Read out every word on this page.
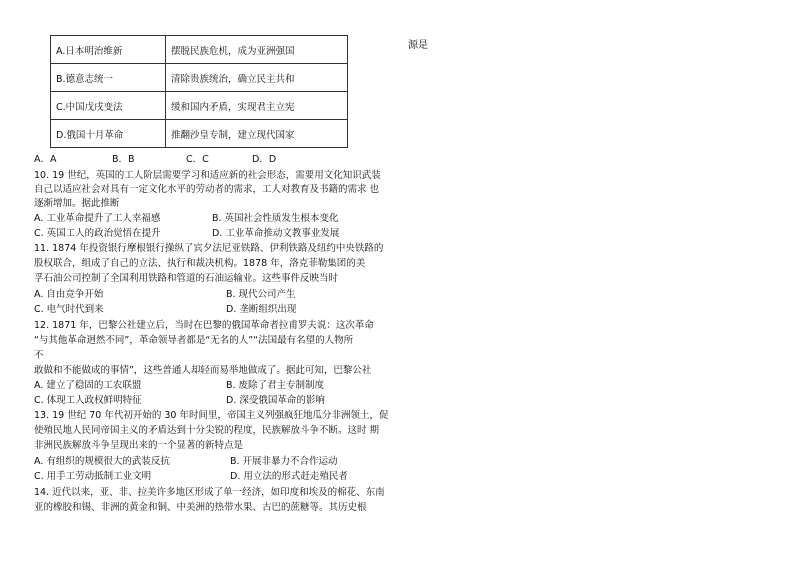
源是
A.日本明治维新	摆脱民族危机，成为亚洲强国
B.德意志统一	清除贵族统治，确立民主共和
C.中国戊戌变法	缓和国内矛盾，实现君主立宪
D.俄国十月革命	推翻沙皇专制，建立现代国家
A．A	B．B	C．C	D．D
10. 19 世纪，英国的工人阶层需要学习和适应新的社会形态，需要用文化知识武装
自己以适应社会对具有一定文化水平的劳动者的需求，工人对教育及书籍的需求 也
逐渐增加。据此推断
A. 工业革命提升了工人幸福感	B. 英国社会性质发生根本变化
C. 英国工人的政治觉悟在提升	D. 工业革命推动文教事业发展
11. 1874 年投资银行摩根银行操纵了宾夕法尼亚铁路、伊利铁路及纽约中央铁路的
股权联合，组成了自己的立法、执行和裁决机构。1878 年，洛克菲勒集团的美
孚石油公司控制了全国利用铁路和管道的石油运输业。这些事件反映当时
A. 自由竞争开始	B. 现代公司产生
C. 电气时代到来	D. 垄断组织出现
12. 1871 年，巴黎公社建立后，当时在巴黎的俄国革命者拉甫罗夫说：这次革命
“与其他革命迥然不同”，革命领导者都是“无名的人”“法国最有名望的人物所
不
敢做和不能做成的事情”，这些普通人却轻而易举地做成了。据此可知，巴黎公社
A. 建立了稳固的工农联盟	B. 废除了君主专制制度
C. 体现工人政权鲜明特征	D. 深受俄国革命的影响
13. 19 世纪 70 年代初开始的 30 年时间里，帝国主义列强疯狂地瓜分非洲领土，促
使殖民地人民同帝国主义的矛盾达到十分尖锐的程度，民族解放斗争不断。这时 期
非洲民族解放斗争呈现出来的一个显著的新特点是
A. 有组织的规模很大的武装反抗	B. 开展非暴力不合作运动
C. 用手工劳动抵制工业文明	D. 用立法的形式赶走殖民者
14. 近代以来，亚、非、拉美许多地区形成了单一经济，如印度和埃及的棉花、东南
亚的橡胶和锡、非洲的黄金和铜、中美洲的热带水果、古巴的蔗糖等。其历史根
